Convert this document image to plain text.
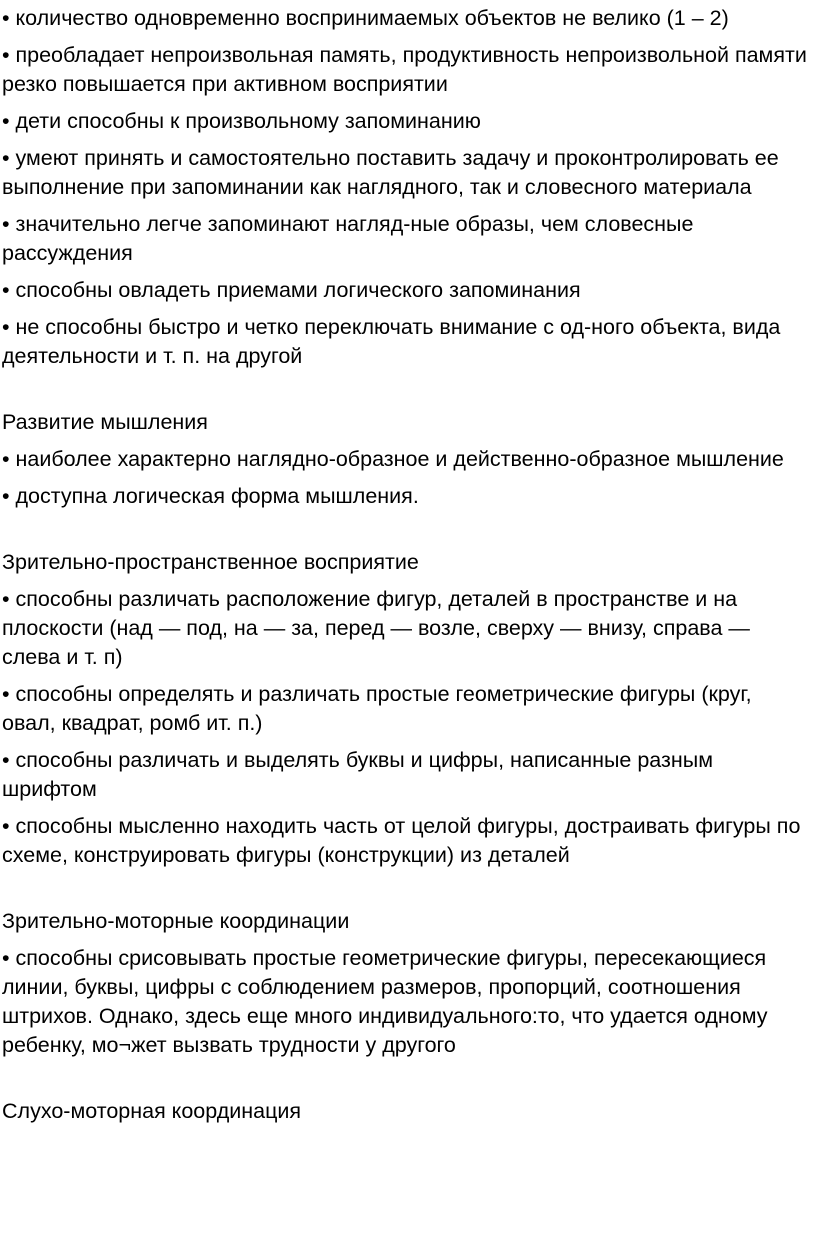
• количество одновременно воспринимаемых объектов не велико (1 – 2)

• преобладает непроизвольная память, продуктивность непроизвольной памяти резко повышается при активном восприятии

• дети способны к произвольному запоминанию

• умеют принять и самостоятельно поставить задачу и проконтролировать ее выполнение при запоминании как наглядного, так и словесного материала

• значительно легче запоминают нагляд-ные образы, чем словесные рассуждения

• способны овладеть приемами логического запоминания

• не способны быстро и четко переключать внимание с од-ного объекта, вида деятельности и т. п. на другой

Развитие мышления

• наиболее характерно наглядно-образное и действенно-образное мышление

• доступна логическая форма мышления.

Зрительно-пространственное восприятие

• способны различать расположение фигур, деталей в пространстве и на плоскости (над — под, на — за, перед — возле, сверху — внизу, справа — слева и т. п)

• способны определять и различать простые геометрические фигуры (круг, овал, квадрат, ромб ит. п.)

• способны различать и выделять буквы и цифры, написанные разным шрифтом

• способны мысленно находить часть от целой фигуры, достраивать фигуры по схеме, конструировать фигуры (конструкции) из деталей

Зрительно-моторные координации

• способны срисовывать простые геометрические фигуры, пересекающиеся линии, буквы, цифры с соблюдением размеров, пропорций, соотношения штрихов. Однако, здесь еще много индивидуального:то, что удается одному ребенку, мо¬жет вызвать трудности у другого

Слухо-моторная координация
